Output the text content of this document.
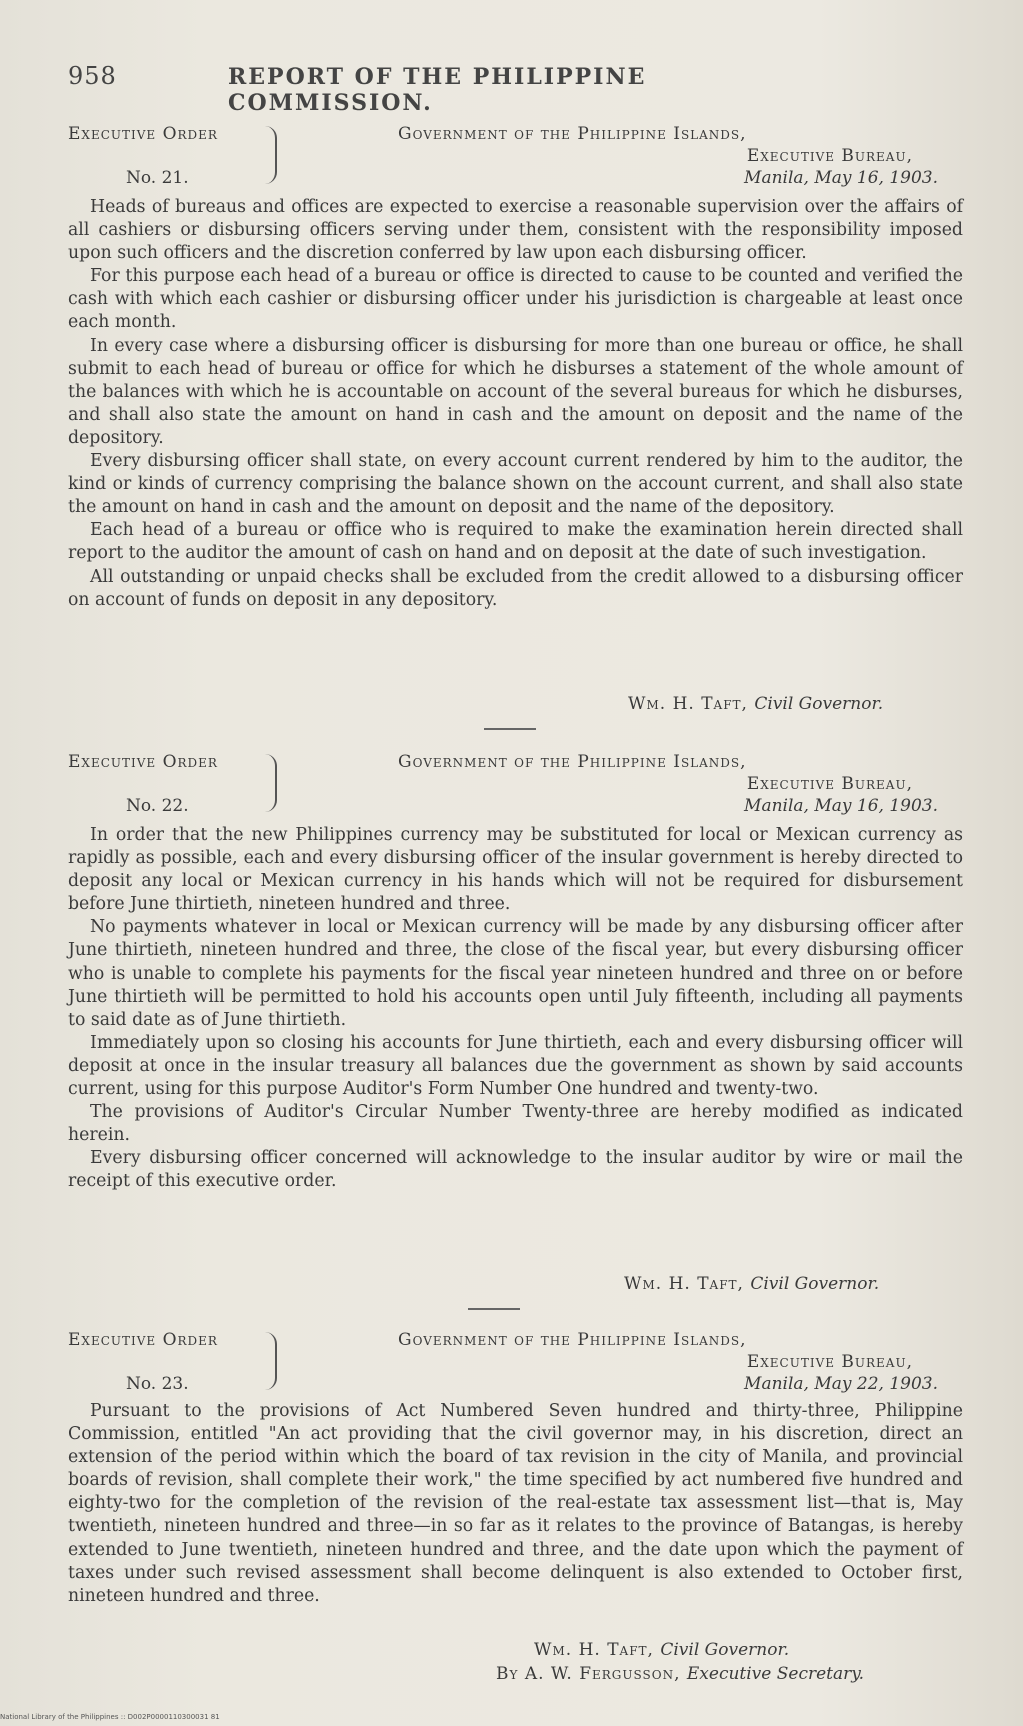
958	REPORT OF THE PHILIPPINE COMMISSION.
Executive Order
No. 21.
Government of the Philippine Islands,
Executive Bureau,
Manila, May 16, 1903.

Heads of bureaus and offices are expected to exercise a reasonable supervision over the affairs of all cashiers or disbursing officers serving under them, consistent with the responsibility imposed upon such officers and the discretion conferred by law upon each disbursing officer.

For this purpose each head of a bureau or office is directed to cause to be counted and verified the cash with which each cashier or disbursing officer under his jurisdiction is chargeable at least once each month.

In every case where a disbursing officer is disbursing for more than one bureau or office, he shall submit to each head of bureau or office for which he disburses a statement of the whole amount of the balances with which he is accountable on account of the several bureaus for which he disburses, and shall also state the amount on hand in cash and the amount on deposit and the name of the depository.

Every disbursing officer shall state, on every account current rendered by him to the auditor, the kind or kinds of currency comprising the balance shown on the account current, and shall also state the amount on hand in cash and the amount on deposit and the name of the depository.

Each head of a bureau or office who is required to make the examination herein directed shall report to the auditor the amount of cash on hand and on deposit at the date of such investigation.

All outstanding or unpaid checks shall be excluded from the credit allowed to a disbursing officer on account of funds on deposit in any depository.

Wm. H. Taft, Civil Governor.
Executive Order
No. 22.
Government of the Philippine Islands,
Executive Bureau,
Manila, May 16, 1903.

In order that the new Philippines currency may be substituted for local or Mexican currency as rapidly as possible, each and every disbursing officer of the insular government is hereby directed to deposit any local or Mexican currency in his hands which will not be required for disbursement before June thirtieth, nineteen hundred and three.

No payments whatever in local or Mexican currency will be made by any disbursing officer after June thirtieth, nineteen hundred and three, the close of the fiscal year, but every disbursing officer who is unable to complete his payments for the fiscal year nineteen hundred and three on or before June thirtieth will be permitted to hold his accounts open until July fifteenth, including all payments to said date as of June thirtieth.

Immediately upon so closing his accounts for June thirtieth, each and every disbursing officer will deposit at once in the insular treasury all balances due the government as shown by said accounts current, using for this purpose Auditor's Form Number One hundred and twenty-two.

The provisions of Auditor's Circular Number Twenty-three are hereby modified as indicated herein.

Every disbursing officer concerned will acknowledge to the insular auditor by wire or mail the receipt of this executive order.

Wm. H. Taft, Civil Governor.
Executive Order
No. 23.
Government of the Philippine Islands,
Executive Bureau,
Manila, May 22, 1903.

Pursuant to the provisions of Act Numbered Seven hundred and thirty-three, Philippine Commission, entitled "An act providing that the civil governor may, in his discretion, direct an extension of the period within which the board of tax revision in the city of Manila, and provincial boards of revision, shall complete their work," the time specified by act numbered five hundred and eighty-two for the completion of the revision of the real-estate tax assessment list—that is, May twentieth, nineteen hundred and three—in so far as it relates to the province of Batangas, is hereby extended to June twentieth, nineteen hundred and three, and the date upon which the payment of taxes under such revised assessment shall become delinquent is also extended to October first, nineteen hundred and three.

Wm. H. Taft, Civil Governor.
By A. W. Fergusson, Executive Secretary.
National Library of the Philippines :: D002P0000110300031 81
